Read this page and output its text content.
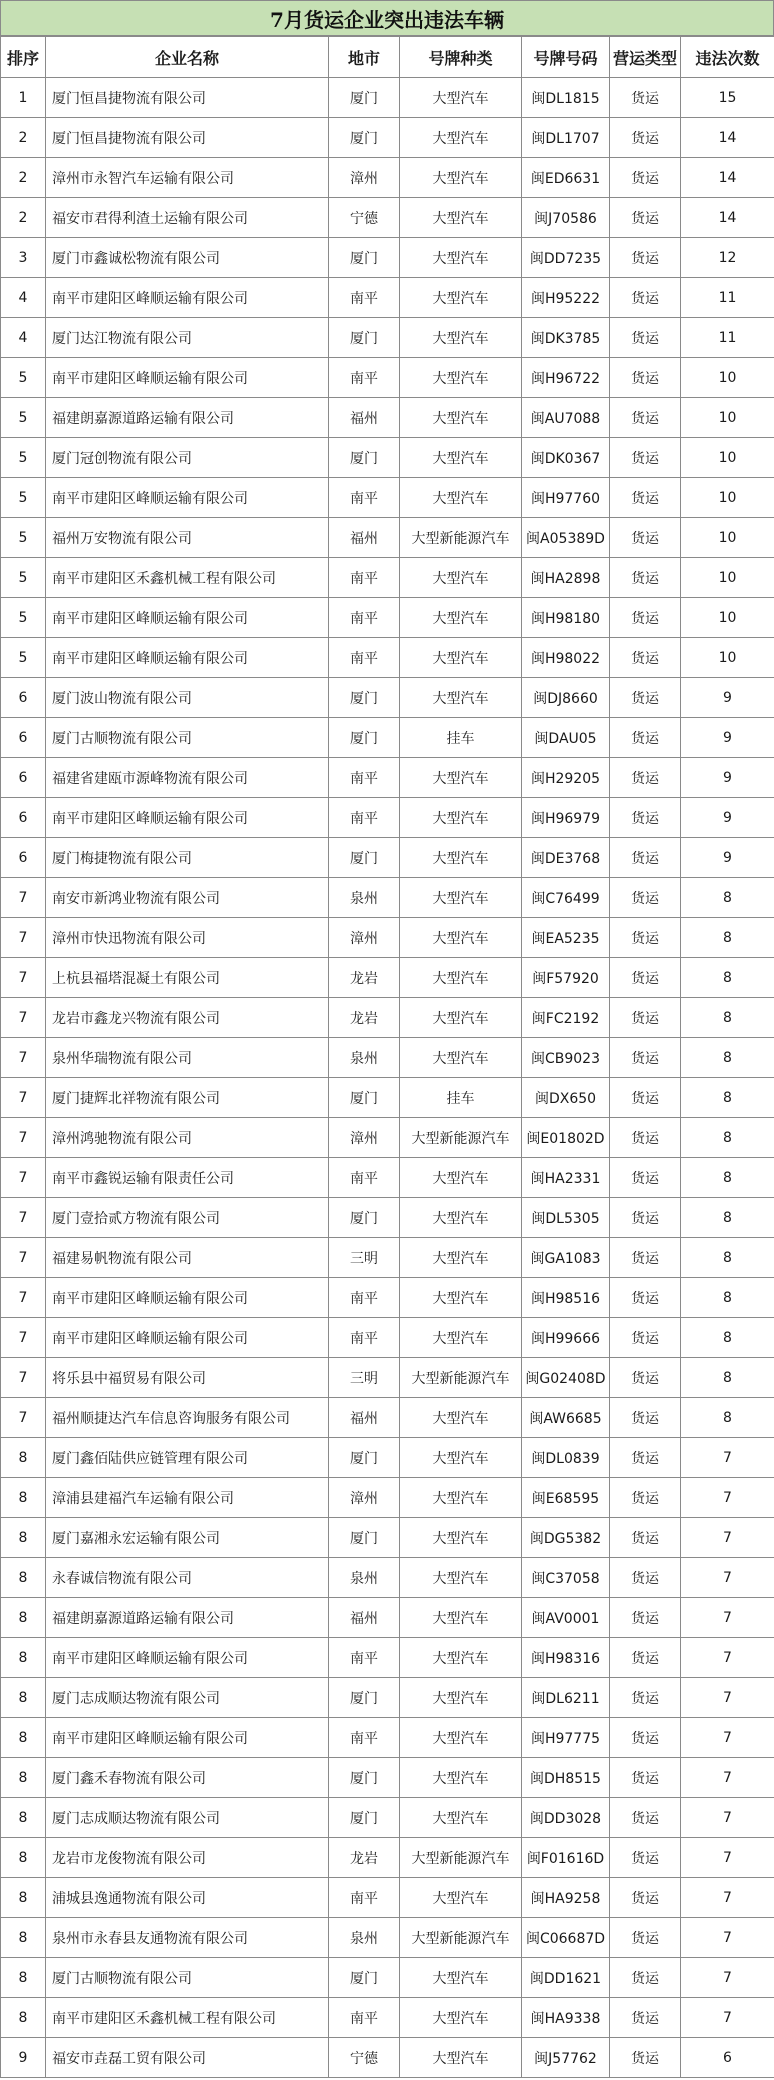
7月货运企业突出违法车辆
排序	企业名称	地市	号牌种类	号牌号码	营运类型	违法次数
1	厦门恒昌捷物流有限公司	厦门	大型汽车	闽DL1815	货运	15
2	厦门恒昌捷物流有限公司	厦门	大型汽车	闽DL1707	货运	14
2	漳州市永智汽车运输有限公司	漳州	大型汽车	闽ED6631	货运	14
2	福安市君得利渣土运输有限公司	宁德	大型汽车	闽J70586	货运	14
3	厦门市鑫诚松物流有限公司	厦门	大型汽车	闽DD7235	货运	12
4	南平市建阳区峰顺运输有限公司	南平	大型汽车	闽H95222	货运	11
4	厦门达江物流有限公司	厦门	大型汽车	闽DK3785	货运	11
5	南平市建阳区峰顺运输有限公司	南平	大型汽车	闽H96722	货运	10
5	福建朗嘉源道路运输有限公司	福州	大型汽车	闽AU7088	货运	10
5	厦门冠创物流有限公司	厦门	大型汽车	闽DK0367	货运	10
5	南平市建阳区峰顺运输有限公司	南平	大型汽车	闽H97760	货运	10
5	福州万安物流有限公司	福州	大型新能源汽车	闽A05389D	货运	10
5	南平市建阳区禾鑫机械工程有限公司	南平	大型汽车	闽HA2898	货运	10
5	南平市建阳区峰顺运输有限公司	南平	大型汽车	闽H98180	货运	10
5	南平市建阳区峰顺运输有限公司	南平	大型汽车	闽H98022	货运	10
6	厦门波山物流有限公司	厦门	大型汽车	闽DJ8660	货运	9
6	厦门古顺物流有限公司	厦门	挂车	闽DAU05	货运	9
6	福建省建瓯市源峰物流有限公司	南平	大型汽车	闽H29205	货运	9
6	南平市建阳区峰顺运输有限公司	南平	大型汽车	闽H96979	货运	9
6	厦门梅捷物流有限公司	厦门	大型汽车	闽DE3768	货运	9
7	南安市新鸿业物流有限公司	泉州	大型汽车	闽C76499	货运	8
7	漳州市快迅物流有限公司	漳州	大型汽车	闽EA5235	货运	8
7	上杭县福塔混凝土有限公司	龙岩	大型汽车	闽F57920	货运	8
7	龙岩市鑫龙兴物流有限公司	龙岩	大型汽车	闽FC2192	货运	8
7	泉州华瑞物流有限公司	泉州	大型汽车	闽CB9023	货运	8
7	厦门捷辉北祥物流有限公司	厦门	挂车	闽DX650	货运	8
7	漳州鸿驰物流有限公司	漳州	大型新能源汽车	闽E01802D	货运	8
7	南平市鑫锐运输有限责任公司	南平	大型汽车	闽HA2331	货运	8
7	厦门壹拾贰方物流有限公司	厦门	大型汽车	闽DL5305	货运	8
7	福建易帆物流有限公司	三明	大型汽车	闽GA1083	货运	8
7	南平市建阳区峰顺运输有限公司	南平	大型汽车	闽H98516	货运	8
7	南平市建阳区峰顺运输有限公司	南平	大型汽车	闽H99666	货运	8
7	将乐县中福贸易有限公司	三明	大型新能源汽车	闽G02408D	货运	8
7	福州顺捷达汽车信息咨询服务有限公司	福州	大型汽车	闽AW6685	货运	8
8	厦门鑫佰陆供应链管理有限公司	厦门	大型汽车	闽DL0839	货运	7
8	漳浦县建福汽车运输有限公司	漳州	大型汽车	闽E68595	货运	7
8	厦门嘉湘永宏运输有限公司	厦门	大型汽车	闽DG5382	货运	7
8	永春诚信物流有限公司	泉州	大型汽车	闽C37058	货运	7
8	福建朗嘉源道路运输有限公司	福州	大型汽车	闽AV0001	货运	7
8	南平市建阳区峰顺运输有限公司	南平	大型汽车	闽H98316	货运	7
8	厦门志成顺达物流有限公司	厦门	大型汽车	闽DL6211	货运	7
8	南平市建阳区峰顺运输有限公司	南平	大型汽车	闽H97775	货运	7
8	厦门鑫禾春物流有限公司	厦门	大型汽车	闽DH8515	货运	7
8	厦门志成顺达物流有限公司	厦门	大型汽车	闽DD3028	货运	7
8	龙岩市龙俊物流有限公司	龙岩	大型新能源汽车	闽F01616D	货运	7
8	浦城县逸通物流有限公司	南平	大型汽车	闽HA9258	货运	7
8	泉州市永春县友通物流有限公司	泉州	大型新能源汽车	闽C06687D	货运	7
8	厦门古顺物流有限公司	厦门	大型汽车	闽DD1621	货运	7
8	南平市建阳区禾鑫机械工程有限公司	南平	大型汽车	闽HA9338	货运	7
9	福安市垚磊工贸有限公司	宁德	大型汽车	闽J57762	货运	6
